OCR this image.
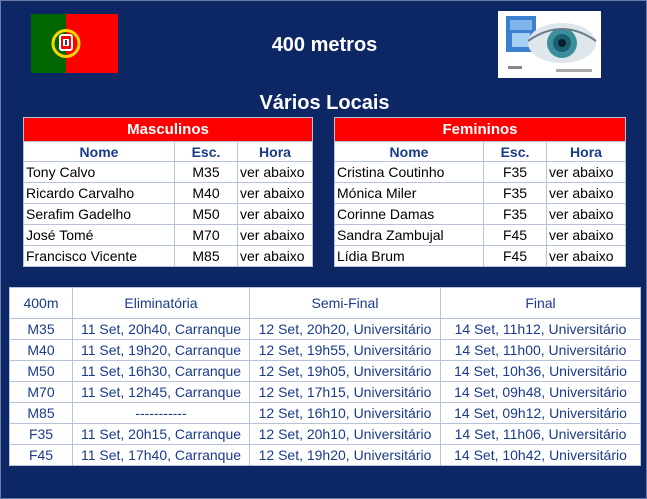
400 metros
Vários Locais
Masculinos		
Nome	Esc.	Hora
Tony Calvo	M35	ver abaixo
Ricardo Carvalho	M40	ver abaixo
Serafim Gadelho	M50	ver abaixo
José Tomé	M70	ver abaixo
Francisco Vicente	M85	ver abaixo
Femininos		
Nome	Esc.	Hora
Cristina Coutinho	F35	ver abaixo
Mónica Miler	F35	ver abaixo
Corinne Damas	F35	ver abaixo
Sandra Zambujal	F45	ver abaixo
Lídia Brum	F45	ver abaixo
400m	Eliminatória	Semi-Final	Final
M35	11 Set, 20h40, Carranque	12 Set, 20h20, Universitário	14 Set, 11h12, Universitário
M40	11 Set, 19h20, Carranque	12 Set, 19h55, Universitário	14 Set, 11h00, Universitário
M50	11 Set, 16h30, Carranque	12 Set, 19h05, Universitário	14 Set, 10h36, Universitário
M70	11 Set, 12h45, Carranque	12 Set, 17h15, Universitário	14 Set, 09h48, Universitário
M85	-----------	12 Set, 16h10, Universitário	14 Set, 09h12, Universitário
F35	11 Set, 20h15, Carranque	12 Set, 20h10, Universitário	14 Set, 11h06, Universitário
F45	11 Set, 17h40, Carranque	12 Set, 19h20, Universitário	14 Set, 10h42, Universitário
